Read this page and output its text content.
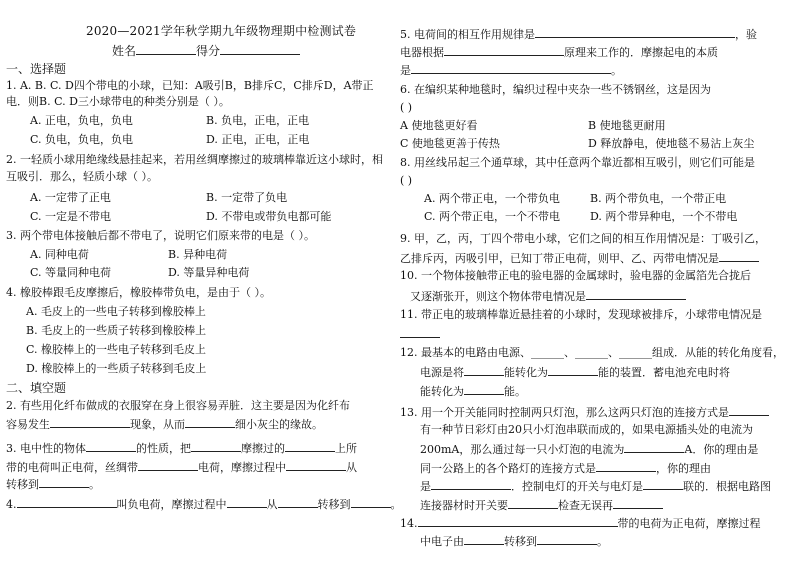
2020—2021学年秋学期九年级物理期中检测试卷
姓名	得分
一、选择题
1. A. B. C. D四个带电的小球，已知：A吸引B，B排斥C，C排斥D，A带正
电．则B. C. D三小球带电的种类分别是（ ）。
A. 正电，负电，负电	B. 负电，正电，正电
C. 负电，负电，负电	D. 正电，正电，正电
2. 一轻质小球用绝缘线悬挂起来，若用丝绸摩擦过的玻璃棒靠近这小球时，相
互吸引．那么，轻质小球（ ）。
A. 一定带了正电	B. 一定带了负电
C. 一定是不带电	D. 不带电或带负电都可能
3. 两个带电体接触后都不带电了，说明它们原来带的电是（ ）。
A. 同种电荷	B. 异种电荷
C. 等量同种电荷	D. 等量异种电荷
4. 橡胶棒跟毛皮摩擦后，橡胶棒带负电，是由于（ ）。
A. 毛皮上的一些电子转移到橡胶棒上
B. 毛皮上的一些质子转移到橡胶棒上
C. 橡胶棒上的一些电子转移到毛皮上
D. 橡胶棒上的一些质子转移到毛皮上
二、填空题
2. 有些用化纤布做成的衣服穿在身上很容易弄脏．这主要是因为化纤布
容易发生	现象，从而	细小灰尘的缘故。
3. 电中性的物体	的性质，把	摩擦过的	上所
带的电荷叫正电荷，丝绸带	电荷，摩擦过程中	从
转移到	。
4.	叫负电荷，摩擦过程中	从	转移到	。
5. 电荷间的相互作用规律是	，验
电器根据	原理来工作的．摩擦起电的本质
是	。
6. 在编织某种地毯时，编织过程中夹杂一些不锈钢丝，这是因为
( )
A 使地毯更好看	B 使地毯更耐用
C 使地毯更善于传热	D 释放静电，使地毯不易沾上灰尘
8. 用丝线吊起三个通草球，其中任意两个靠近都相互吸引，则它们可能是
( )
A. 两个带正电，一个带负电	B. 两个带负电，一个带正电
C. 两个带正电，一个不带电	D. 两个带异种电，一个不带电
9. 甲，乙，丙，丁四个带电小球，它们之间的相互作用情况是：丁吸引乙，
乙排斥丙，丙吸引甲，已知丁带正电荷，则甲、乙、丙带电情况是
10. 一个物体接触带正电的验电器的金属球时，验电器的金属箔先合拢后
又逐渐张开，则这个物体带电情况是
11. 带正电的玻璃棒靠近悬挂着的小球时，发现球被排斥，小球带电情况是
12. 最基本的电路由电源、______、______、______组成．从能的转化角度看，
电源是将	能转化为	能的装置．蓄电池充电时将
能转化为	能。
13. 用一个开关能同时控制两只灯泡，那么这两只灯泡的连接方式是
有一种节日彩灯由20只小灯泡串联而成的，如果电源插头处的电流为
200mA，那么通过每一只小灯泡的电流为	A．你的理由是
同一公路上的各个路灯的连接方式是	，你的理由
是	．控制电灯的开关与电灯是	联的．根据电路图
连接器材时开关要	检查无误再
14.	带的电荷为正电荷，摩擦过程
中电子由	转移到	。
